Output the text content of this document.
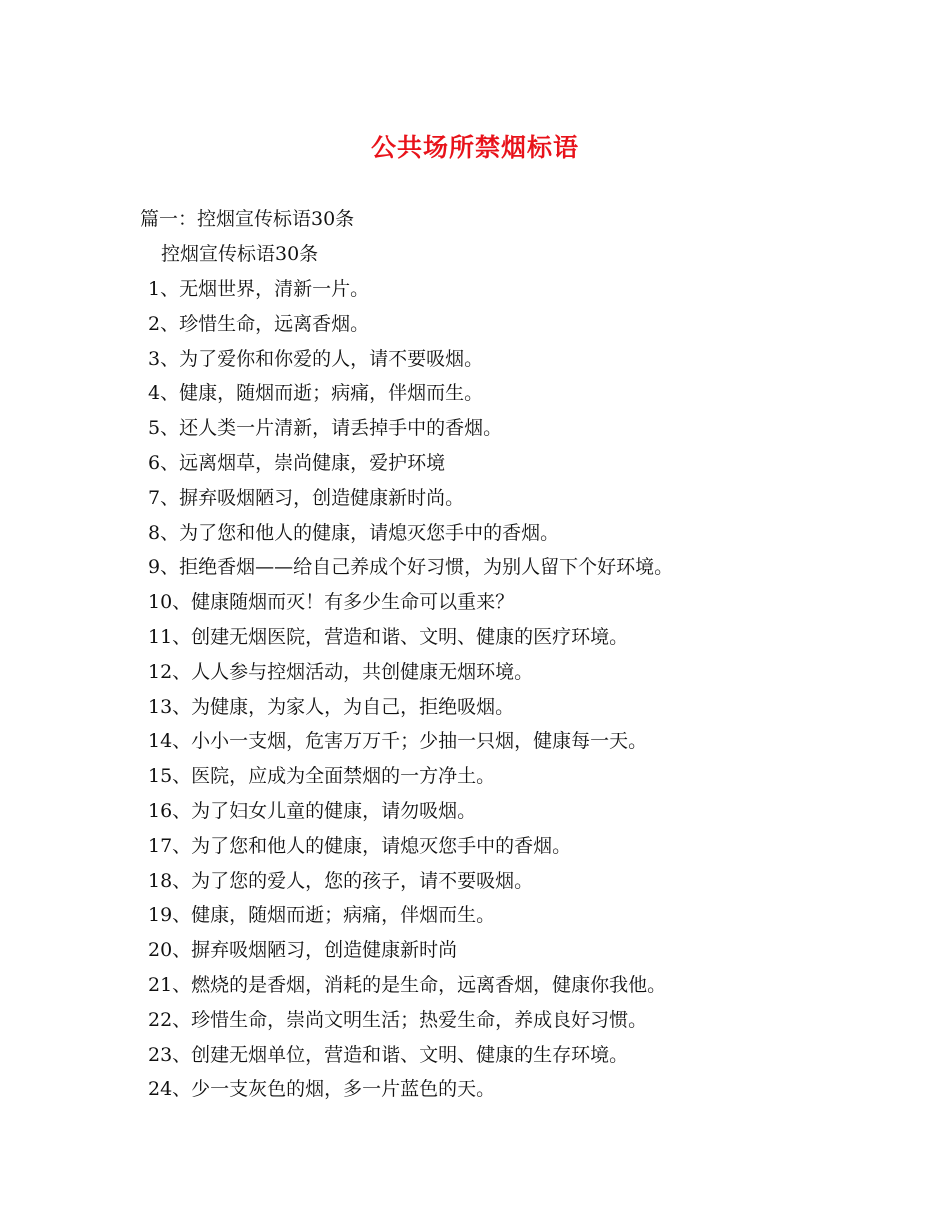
公共场所禁烟标语
篇一：控烟宣传标语30条
控烟宣传标语30条
1、无烟世界，清新一片。
2、珍惜生命，远离香烟。
3、为了爱你和你爱的人，请不要吸烟。
4、健康，随烟而逝；病痛，伴烟而生。
5、还人类一片清新，请丢掉手中的香烟。
6、远离烟草，崇尚健康，爱护环境
7、摒弃吸烟陋习，创造健康新时尚。
8、为了您和他人的健康，请熄灭您手中的香烟。
9、拒绝香烟——给自己养成个好习惯，为别人留下个好环境。
10、健康随烟而灭！有多少生命可以重来？
11、创建无烟医院，营造和谐、文明、健康的医疗环境。
12、人人参与控烟活动，共创健康无烟环境。
13、为健康，为家人，为自己，拒绝吸烟。
14、小小一支烟，危害万万千；少抽一只烟，健康每一天。
15、医院，应成为全面禁烟的一方净土。
16、为了妇女儿童的健康，请勿吸烟。
17、为了您和他人的健康，请熄灭您手中的香烟。
18、为了您的爱人，您的孩子，请不要吸烟。
19、健康，随烟而逝；病痛，伴烟而生。
20、摒弃吸烟陋习，创造健康新时尚
21、燃烧的是香烟，消耗的是生命，远离香烟，健康你我他。
22、珍惜生命，崇尚文明生活；热爱生命，养成良好习惯。
23、创建无烟单位，营造和谐、文明、健康的生存环境。
24、少一支灰色的烟，多一片蓝色的天。
